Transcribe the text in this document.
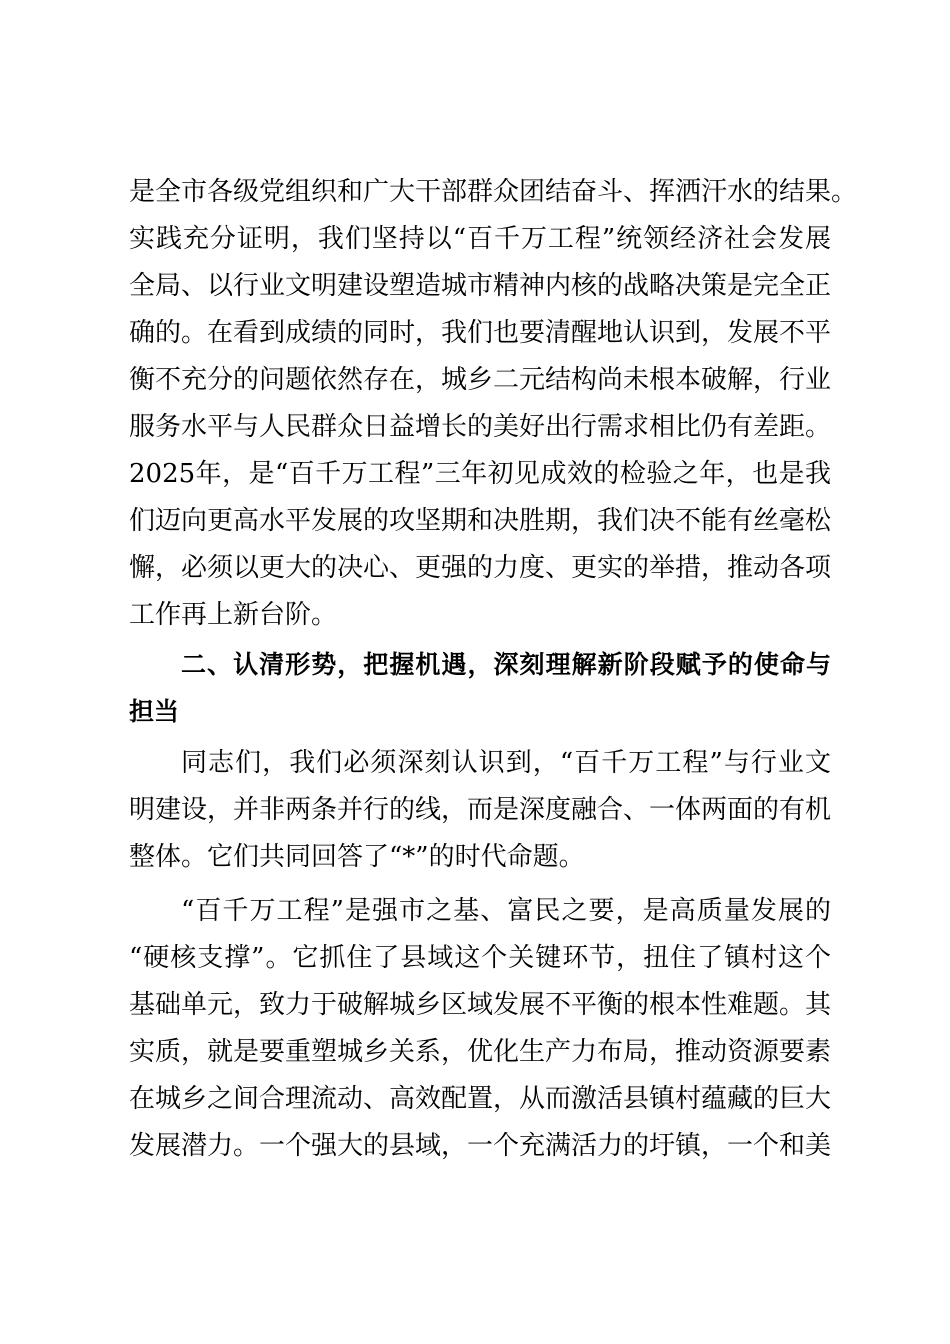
是全市各级党组织和广大干部群众团结奋斗、挥洒汗水的结果。
实践充分证明，我们坚持以“百千万工程”统领经济社会发展
全局、以行业文明建设塑造城市精神内核的战略决策是完全正
确的。在看到成绩的同时，我们也要清醒地认识到，发展不平
衡不充分的问题依然存在，城乡二元结构尚未根本破解，行业
服务水平与人民群众日益增长的美好出行需求相比仍有差距。
2025年，是“百千万工程”三年初见成效的检验之年，也是我
们迈向更高水平发展的攻坚期和决胜期，我们决不能有丝毫松
懈，必须以更大的决心、更强的力度、更实的举措，推动各项
工作再上新台阶。
二、认清形势，把握机遇，深刻理解新阶段赋予的使命与
担当
同志们，我们必须深刻认识到，“百千万工程”与行业文
明建设，并非两条并行的线，而是深度融合、一体两面的有机
整体。它们共同回答了“*”的时代命题。
“百千万工程”是强市之基、富民之要，是高质量发展的
“硬核支撑”。它抓住了县域这个关键环节，扭住了镇村这个
基础单元，致力于破解城乡区域发展不平衡的根本性难题。其
实质，就是要重塑城乡关系，优化生产力布局，推动资源要素
在城乡之间合理流动、高效配置，从而激活县镇村蕴藏的巨大
发展潜力。一个强大的县域，一个充满活力的圩镇，一个和美
